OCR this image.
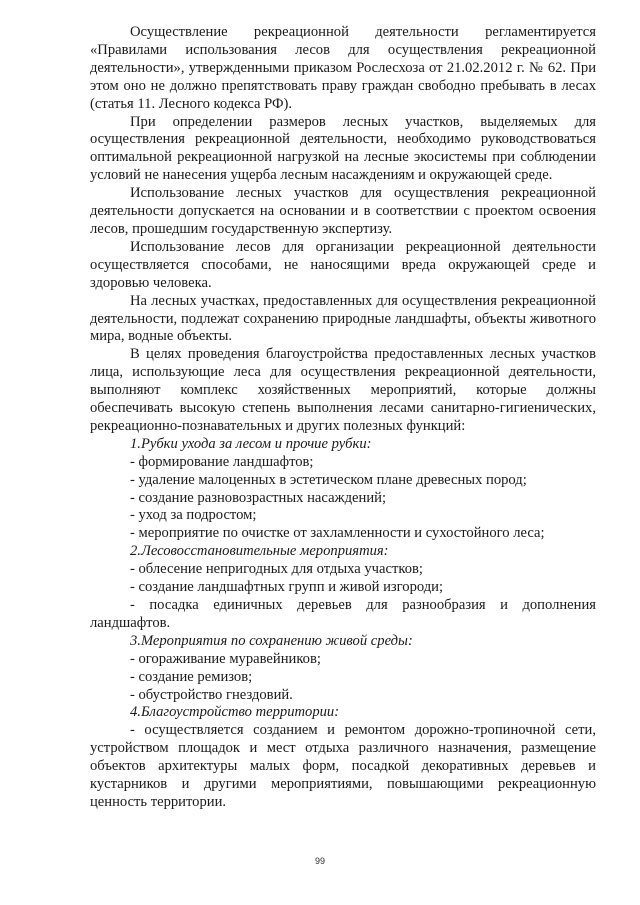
Осуществление рекреационной деятельности регламентируется «Правилами использования лесов для осуществления рекреационной деятельности», утвержденными приказом Рослесхоза от 21.02.2012 г. № 62. При этом оно не должно препятствовать праву граждан свободно пребывать в лесах (статья 11. Лесного кодекса РФ).

При определении размеров лесных участков, выделяемых для осуществления рекреационной деятельности, необходимо руководствоваться оптимальной рекреационной нагрузкой на лесные экосистемы при соблюдении условий не нанесения ущерба лесным насаждениям и окружающей среде.

Использование лесных участков для осуществления рекреационной деятельности допускается на основании и в соответствии с проектом освоения лесов, прошедшим государственную экспертизу.

Использование лесов для организации рекреационной деятельности осуществляется способами, не наносящими вреда окружающей среде и здоровью человека.

На лесных участках, предоставленных для осуществления рекреационной деятельности, подлежат сохранению природные ландшафты, объекты животного мира, водные объекты.

В целях проведения благоустройства предоставленных лесных участков лица, использующие леса для осуществления рекреационной деятельности, выполняют комплекс хозяйственных мероприятий, которые должны обеспечивать высокую степень выполнения лесами санитарно-гигиенических, рекреационно-познавательных и других полезных функций:

1.Рубки ухода за лесом и прочие рубки:

- формирование ландшафтов;

- удаление малоценных в эстетическом плане древесных пород;

- создание разновозрастных насаждений;

- уход за подростом;

- мероприятие по очистке от захламленности и сухостойного леса;

2.Лесовосстановительные мероприятия:

- облесение непригодных для отдыха участков;

- создание ландшафтных групп и живой изгороди;

- посадка единичных деревьев для разнообразия и дополнения ландшафтов.

3.Мероприятия по сохранению живой среды:

- огораживание муравейников;

- создание ремизов;

- обустройство гнездовий.

4.Благоустройство территории:

- осуществляется созданием и ремонтом дорожно-тропиночной сети, устройством площадок и мест отдыха различного назначения, размещение объектов архитектуры малых форм, посадкой декоративных деревьев и кустарников и другими мероприятиями, повышающими рекреационную ценность территории.

99
